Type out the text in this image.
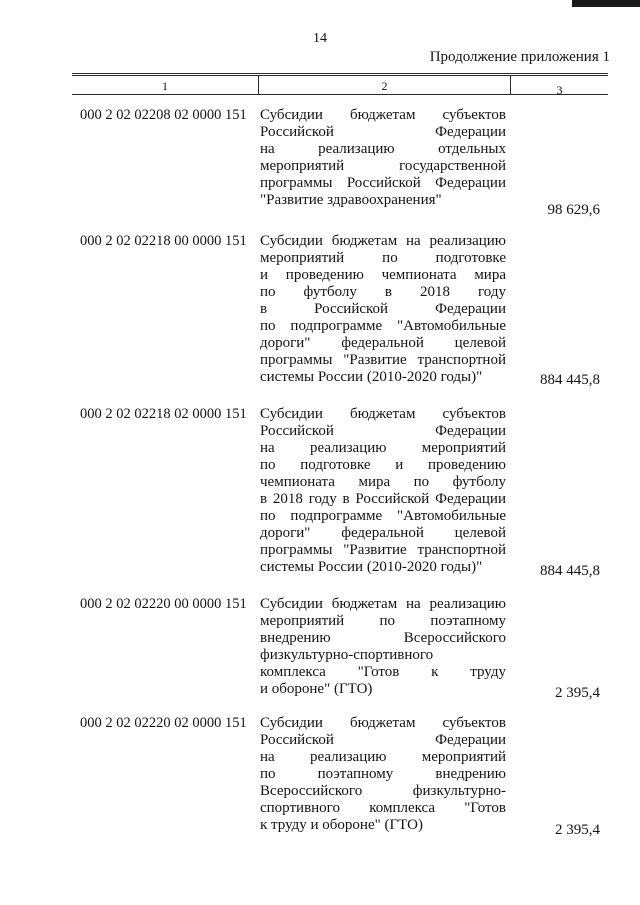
14
Продолжение приложения 1
1	2	3
000 2 02 02208 02 0000 151 Субсидии бюджетам субъектов
Российской Федерации
на реализацию отдельных
мероприятий государственной
программы Российской Федерации
"Развитие здравоохранения"
98 629,6
000 2 02 02218 00 0000 151 Субсидии бюджетам на реализацию
мероприятий по подготовке
и проведению чемпионата мира
по футболу в 2018 году
в Российской Федерации
по подпрограмме "Автомобильные
дороги" федеральной целевой
программы "Развитие транспортной
системы России (2010-2020 годы)"	884 445,8
000 2 02 02218 02 0000 151 Субсидии бюджетам субъектов
Российской Федерации
на реализацию мероприятий
по подготовке и проведению
чемпионата мира по футболу
в 2018 году в Российской Федерации
по подпрограмме "Автомобильные
дороги" федеральной целевой
программы "Развитие транспортной
системы России (2010-2020 годы)"	884 445,8
000 2 02 02220 00 0000 151 Субсидии бюджетам на реализацию
мероприятий по поэтапному
внедрению Всероссийского
физкультурно-спортивного
комплекса "Готов к труду
и обороне" (ГТО)	2 395,4
000 2 02 02220 02 0000 151 Субсидии бюджетам субъектов
Российской Федерации
на реализацию мероприятий
по поэтапному внедрению
Всероссийского физкультурно-
спортивного комплекса "Готов
к труду и обороне" (ГТО)	2 395,4
